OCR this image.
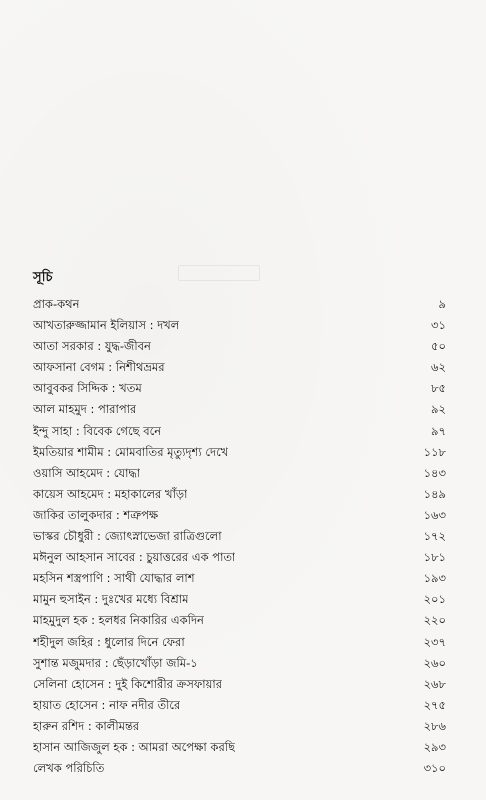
সূচি
প্রাক-কথন	৯
আখতারুজ্জামান ইলিয়াস : দখল	৩১
আতা সরকার : যুদ্ধ-জীবন	৫০
আফসানা বেগম : নিশীথভ্রমর	৬২
আবুবকর সিদ্দিক : খতম	৮৫
আল মাহমুদ : পারাপার	৯২
ইন্দু সাহা : বিবেক গেছে বনে	৯৭
ইমতিয়ার শামীম : মোমবাতির মৃত্যুদৃশ্য দেখে	১১৮
ওয়াসি আহমেদ : যোদ্ধা	১৪৩
কায়েস আহমেদ : মহাকালের খাঁড়া	১৪৯
জাকির তালুকদার : শত্রুপক্ষ	১৬৩
ভাস্কর চৌধুরী : জ্যোৎস্নাভেজা রাত্রিগুলো	১৭২
মঈনুল আহসান সাবের : চুয়াত্তরের এক পাতা	১৮১
মহসিন শস্ত্রপাণি : সাথী যোদ্ধার লাশ	১৯৩
মামুন হুসাইন : দুঃখের মধ্যে বিশ্রাম	২০১
মাহমুদুল হক : হলধর নিকারির একদিন	২২০
শহীদুল জহির : ধুলোর দিনে ফেরা	২৩৭
সুশান্ত মজুমদার : ছেঁড়াখোঁড়া জমি-১	২৬০
সেলিনা হোসেন : দুই কিশোরীর ক্রসফায়ার	২৬৮
হায়াত হোসেন : নাফ নদীর তীরে	২৭৫
হারুন রশিদ : কালীমন্তর	২৮৬
হাসান আজিজুল হক : আমরা অপেক্ষা করছি	২৯৩
লেখক পরিচিতি	৩১০
